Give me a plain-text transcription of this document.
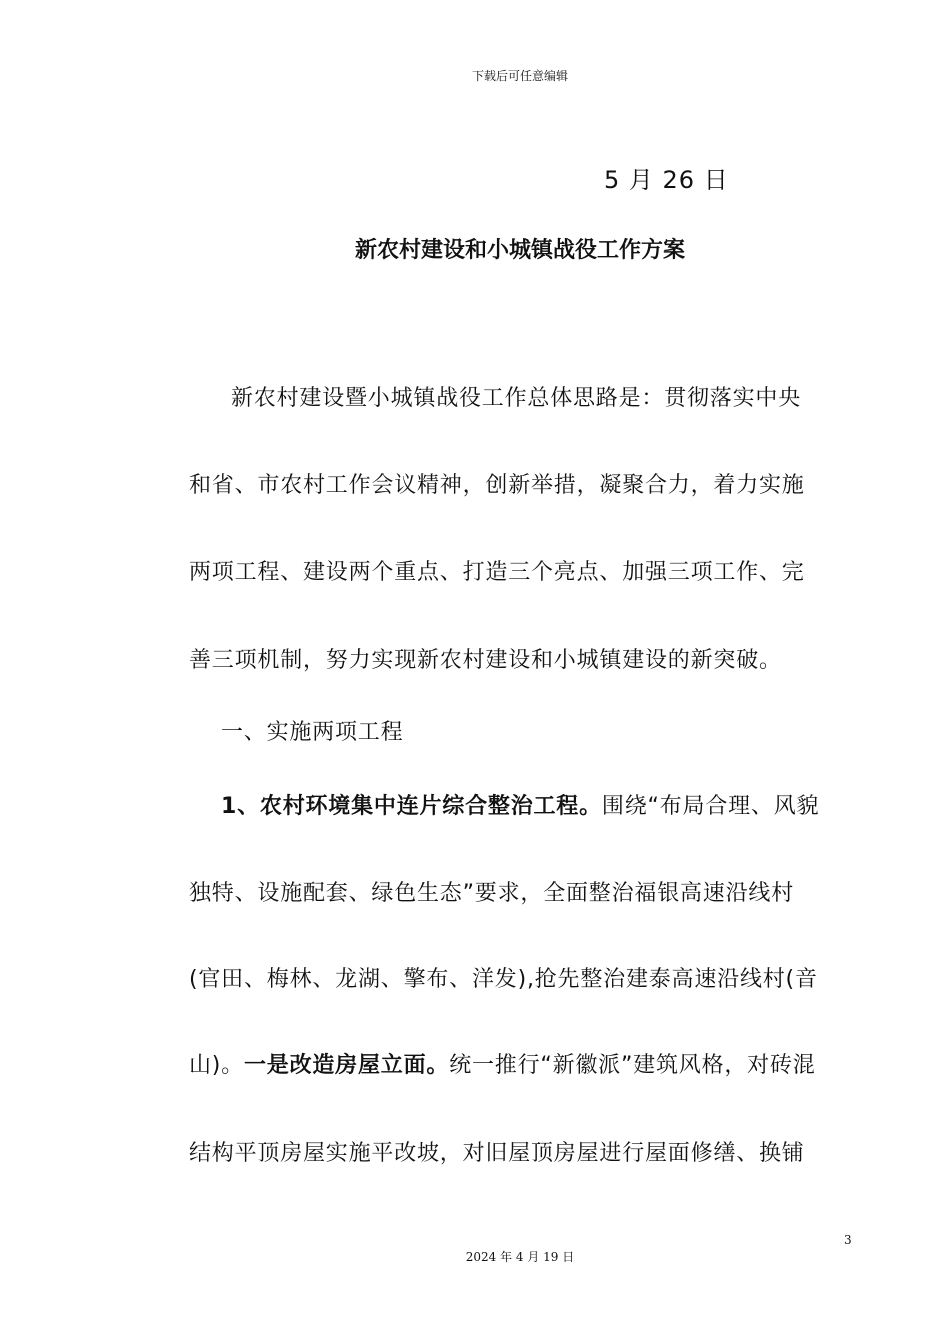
下载后可任意编辑
5 月 26 日
新农村建设和小城镇战役工作方案
新农村建设暨小城镇战役工作总体思路是：贯彻落实中央
和省、市农村工作会议精神，创新举措，凝聚合力，着力实施
两项工程、建设两个重点、打造三个亮点、加强三项工作、完
善三项机制，努力实现新农村建设和小城镇建设的新突破。
一、实施两项工程
1、农村环境集中连片综合整治工程。围绕“布局合理、风貌
独特、设施配套、绿色生态”要求，全面整治福银高速沿线村
(官田、梅林、龙湖、擎布、洋发),抢先整治建泰高速沿线村(音
山)。一是改造房屋立面。统一推行“新徽派”建筑风格，对砖混
结构平顶房屋实施平改坡，对旧屋顶房屋进行屋面修缮、换铺
3
2024 年 4 月 19 日
